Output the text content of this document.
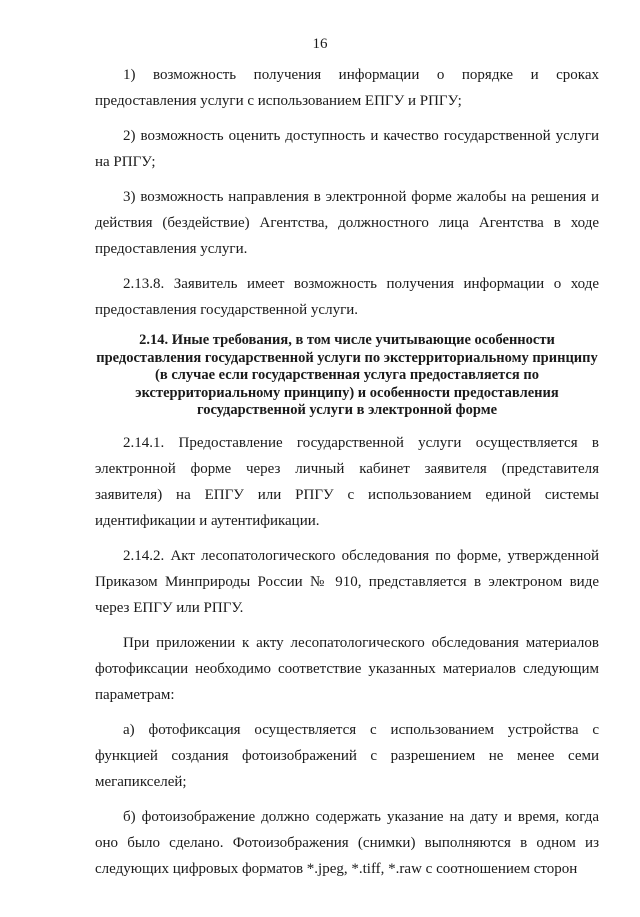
16

1) возможность получения информации о порядке и сроках предоставления услуги с использованием ЕПГУ и РПГУ;

2) возможность оценить доступность и качество государственной услуги на РПГУ;

3) возможность направления в электронной форме жалобы на решения и действия (бездействие) Агентства, должностного лица Агентства в ходе предоставления услуги.

2.13.8. Заявитель имеет возможность получения информации о ходе предоставления государственной услуги.

2.14. Иные требования, в том числе учитывающие особенности предоставления государственной услуги по экстерриториальному принципу (в случае если государственная услуга предоставляется по экстерриториальному принципу) и особенности предоставления государственной услуги в электронной форме

2.14.1. Предоставление государственной услуги осуществляется в электронной форме через личный кабинет заявителя (представителя заявителя) на ЕПГУ или РПГУ с использованием единой системы идентификации и аутентификации.

2.14.2. Акт лесопатологического обследования по форме, утвержденной Приказом Минприроды России № 910, представляется в электроном виде через ЕПГУ или РПГУ.

При приложении к акту лесопатологического обследования материалов фотофиксации необходимо соответствие указанных материалов следующим параметрам:

а) фотофиксация осуществляется с использованием устройства с функцией создания фотоизображений с разрешением не менее семи мегапикселей;

б) фотоизображение должно содержать указание на дату и время, когда оно было сделано. Фотоизображения (снимки) выполняются в одном из следующих цифровых форматов *.jpeg, *.tiff, *.raw с соотношением сторон
